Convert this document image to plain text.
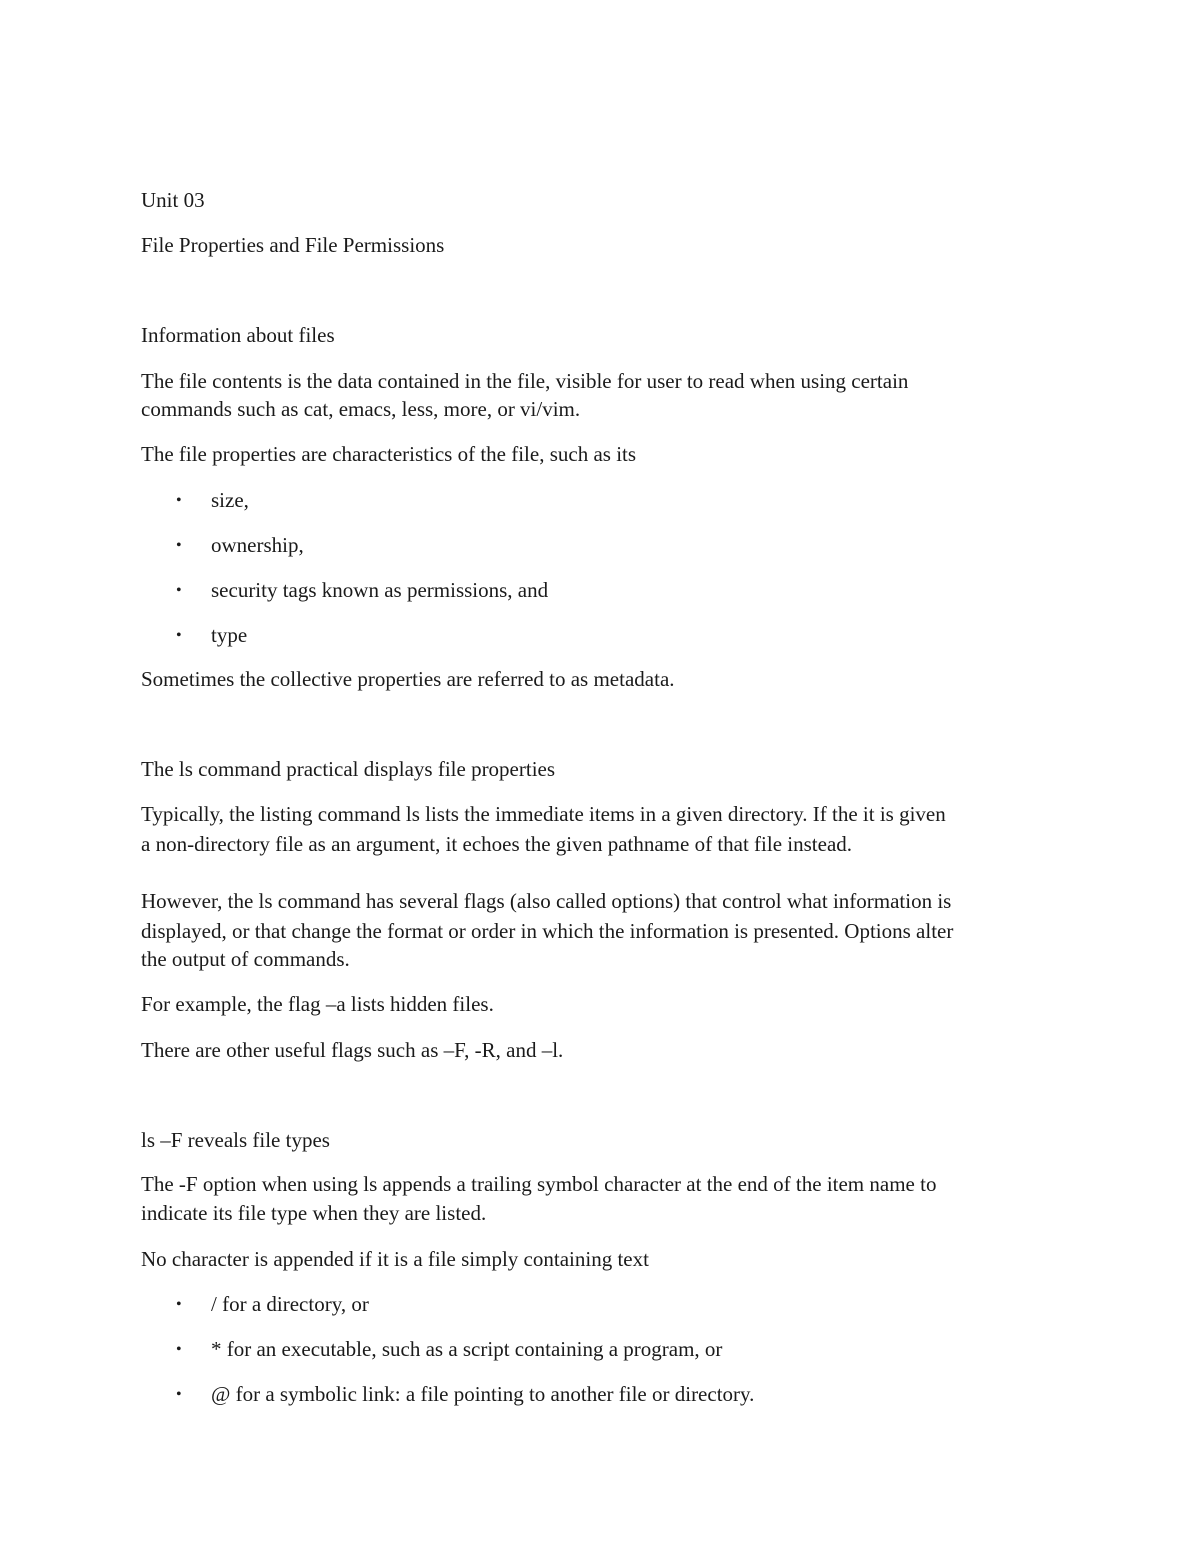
Unit 03

File Properties and File Permissions

Information about files

The file contents is the data contained in the file, visible for user to read when using certain

commands such as cat, emacs, less, more, or vi/vim.

The file properties are characteristics of the file, such as its

• size,
• ownership,
• security tags known as permissions, and
• type

Sometimes the collective properties are referred to as metadata.

The ls command practical displays file properties

Typically, the listing command ls lists the immediate items in a given directory. If the it is given

a non-directory file as an argument, it echoes the given pathname of that file instead.

However, the ls command has several flags (also called options) that control what information is

displayed, or that change the format or order in which the information is presented. Options alter

the output of commands.

For example, the flag –a lists hidden files.

There are other useful flags such as –F, -R, and –l.

ls –F reveals file types

The -F option when using ls appends a trailing symbol character at the end of the item name to

indicate its file type when they are listed.

No character is appended if it is a file simply containing text

• / for a directory, or
• * for an executable, such as a script containing a program, or
• @ for a symbolic link: a file pointing to another file or directory.
